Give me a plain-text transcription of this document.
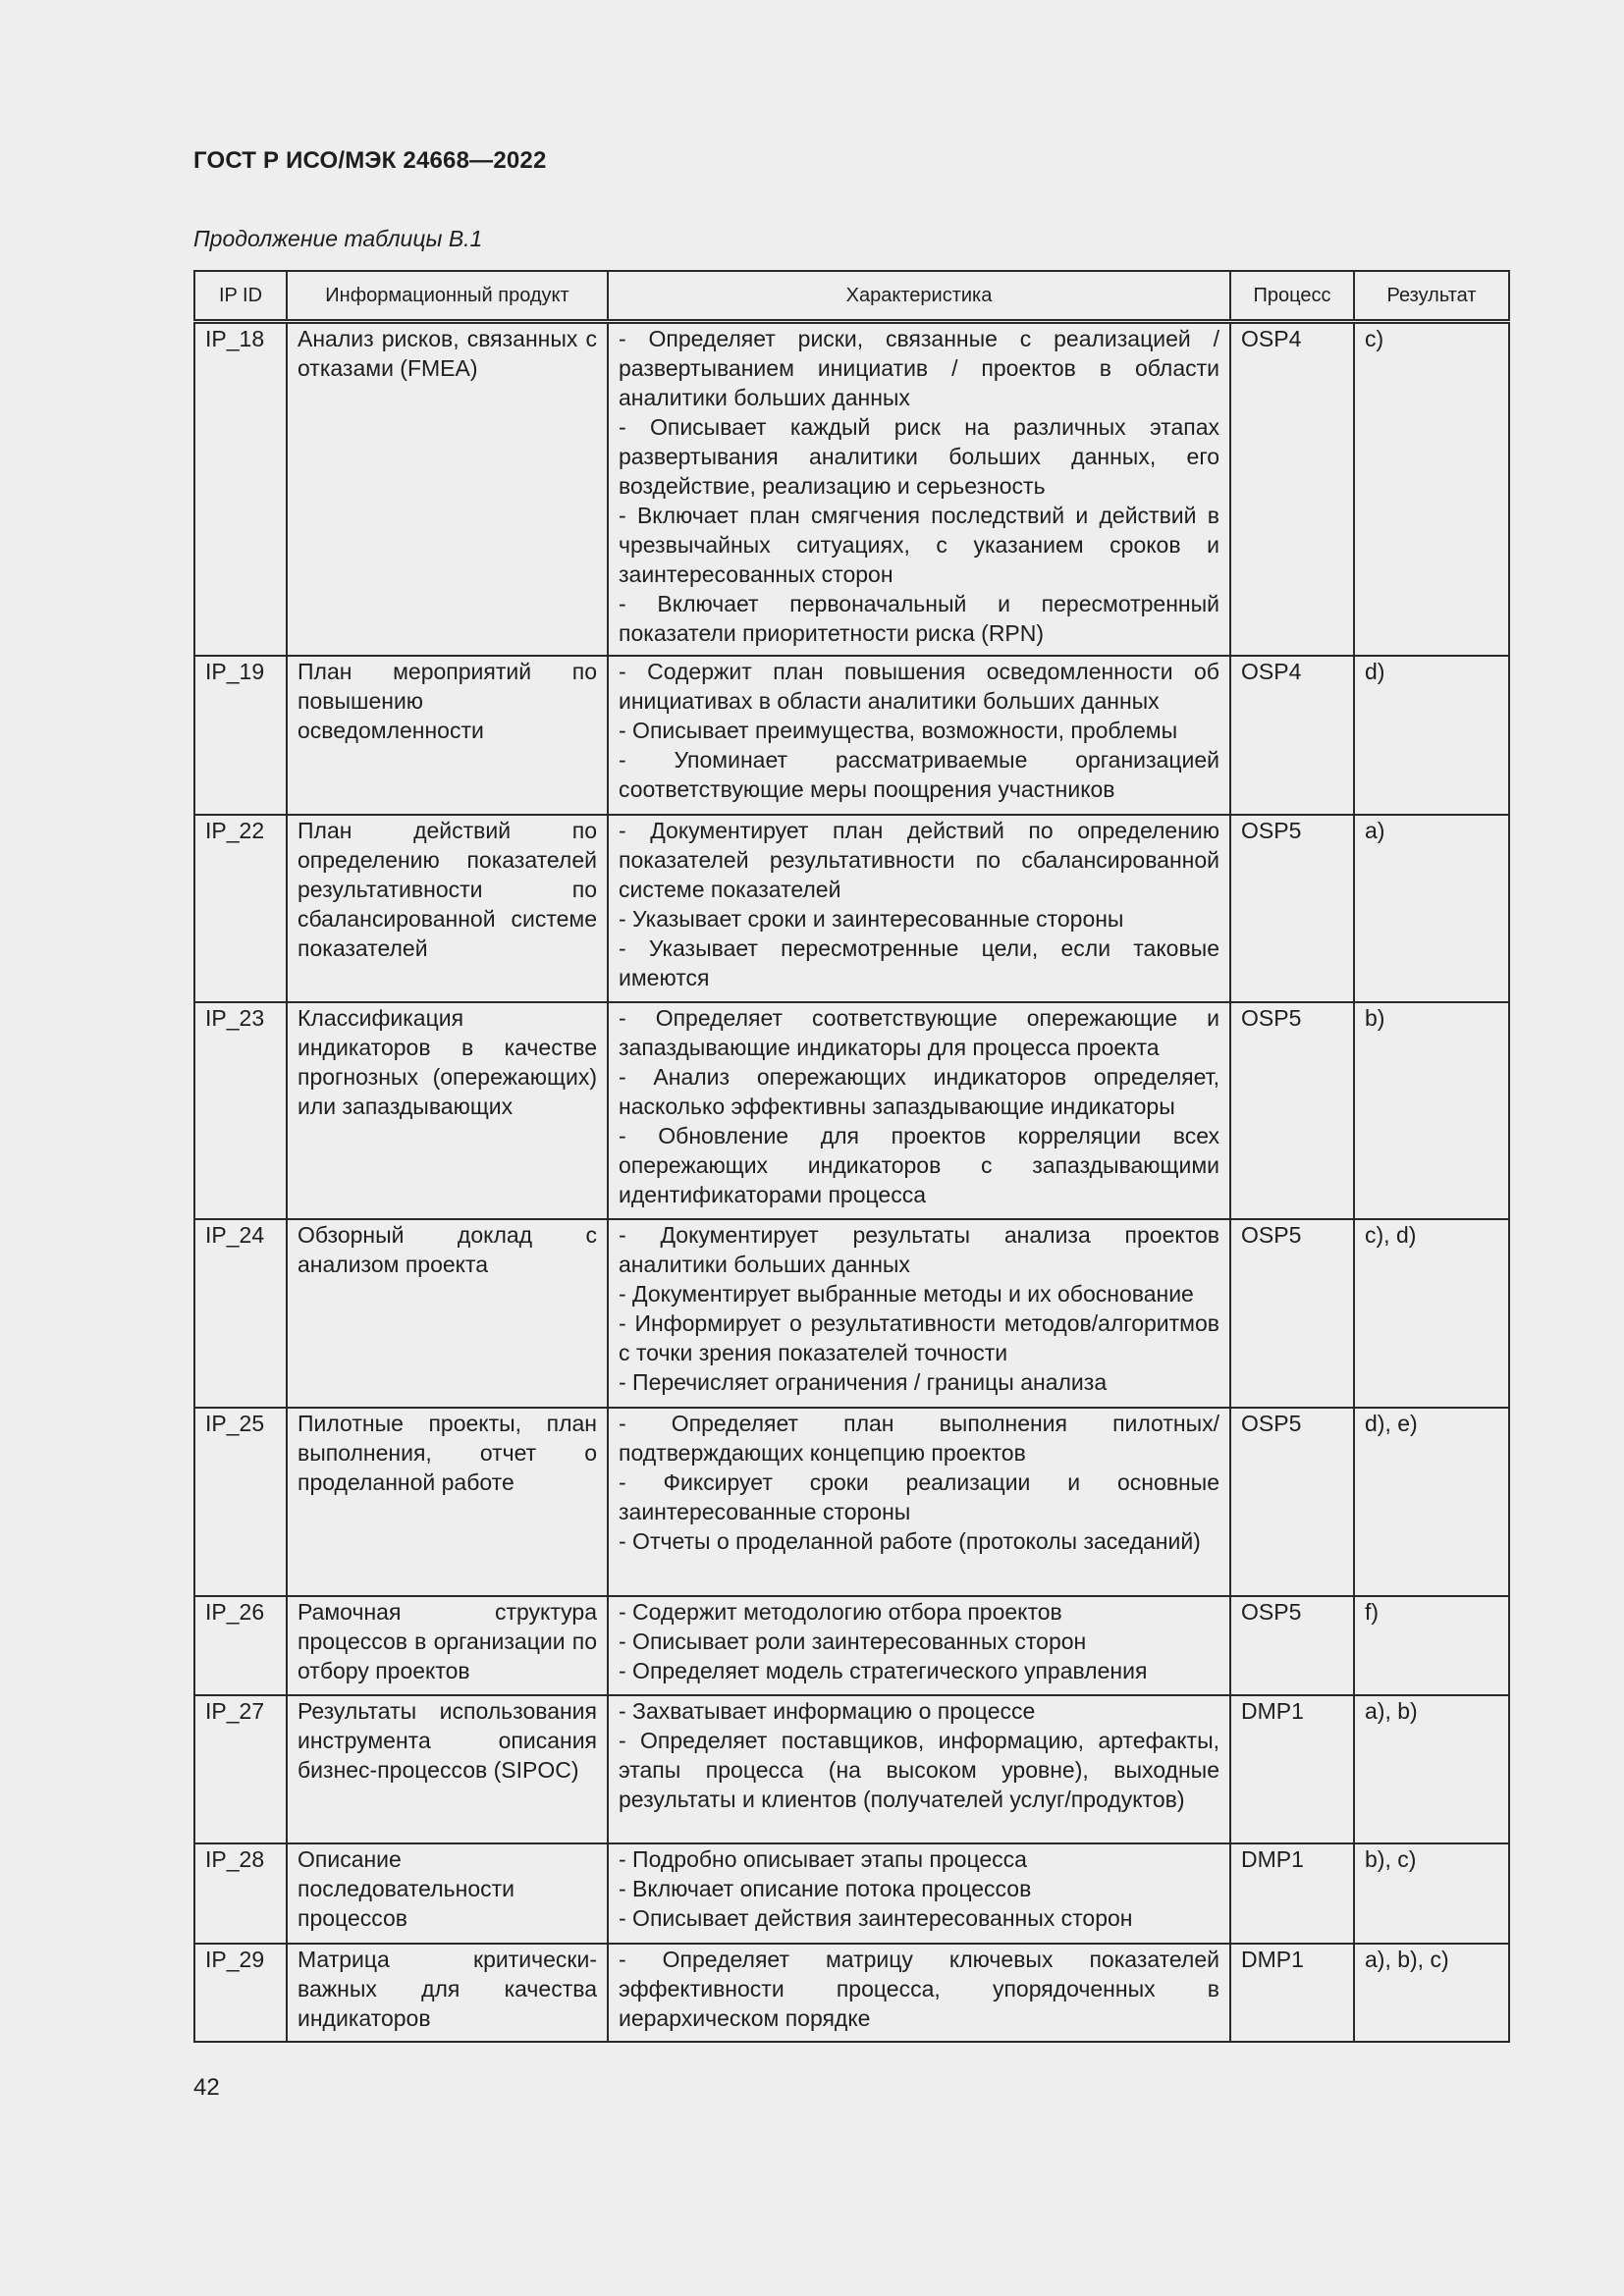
ГОСТ Р ИСО/МЭК 24668—2022
Продолжение таблицы В.1
IP ID	Информационный продукт	Характеристика	Процесс	Результат
IP_18	Анализ рисков, связанных с отказами (FMEA)	- Определяет риски, связанные с реализацией / развертыванием инициатив / проектов в области аналитики больших данных
- Описывает каждый риск на различных этапах развертывания аналитики больших данных, его воздействие, реализацию и серьезность
- Включает план смягчения последствий и действий в чрезвычайных ситуациях, с указанием сроков и заинтересованных сторон
- Включает первоначальный и пересмотренный показатели приоритетности риска (RPN)	OSP4	c)
IP_19	План мероприятий по повышению осведомленности	- Содержит план повышения осведомленности об инициативах в области аналитики больших данных
- Описывает преимущества, возможности, проблемы
- Упоминает рассматриваемые организацией соответствующие меры поощрения участников	OSP4	d)
IP_22	План действий по определению показателей результативности по сбалансированной системе показателей	- Документирует план действий по определению показателей результативности по сбалансированной системе показателей
- Указывает сроки и заинтересованные стороны
- Указывает пересмотренные цели, если таковые имеются	OSP5	a)
IP_23	Классификация индикаторов в качестве прогнозных (опережающих) или запаздывающих	- Определяет соответствующие опережающие и запаздывающие индикаторы для процесса проекта
- Анализ опережающих индикаторов определяет, насколько эффективны запаздывающие индикаторы
- Обновление для проектов корреляции всех опережающих индикаторов с запаздывающими идентификаторами процесса	OSP5	b)
IP_24	Обзорный доклад с анализом проекта	- Документирует результаты анализа проектов аналитики больших данных
- Документирует выбранные методы и их обоснование
- Информирует о результативности методов/алгоритмов с точки зрения показателей точности
- Перечисляет ограничения / границы анализа	OSP5	c), d)
IP_25	Пилотные проекты, план выполнения, отчет о проделанной работе	- Определяет план выполнения пилотных/подтверждающих концепцию проектов
- Фиксирует сроки реализации и основные заинтересованные стороны
- Отчеты о проделанной работе (протоколы заседаний)	OSP5	d), e)
IP_26	Рамочная структура процессов в организации по отбору проектов	- Содержит методологию отбора проектов
- Описывает роли заинтересованных сторон
- Определяет модель стратегического управления	OSP5	f)
IP_27	Результаты использования инструмента описания бизнес-процессов (SIPOC)	- Захватывает информацию о процессе
- Определяет поставщиков, информацию, артефакты, этапы процесса (на высоком уровне), выходные результаты и клиентов (получателей услуг/продуктов)	DMP1	a), b)
IP_28	Описание последовательности процессов	- Подробно описывает этапы процесса
- Включает описание потока процессов
- Описывает действия заинтересованных сторон	DMP1	b), c)
IP_29	Матрица критически-важных для качества индикаторов	- Определяет матрицу ключевых показателей эффективности процесса, упорядоченных в иерархическом порядке	DMP1	a), b), c)
42
